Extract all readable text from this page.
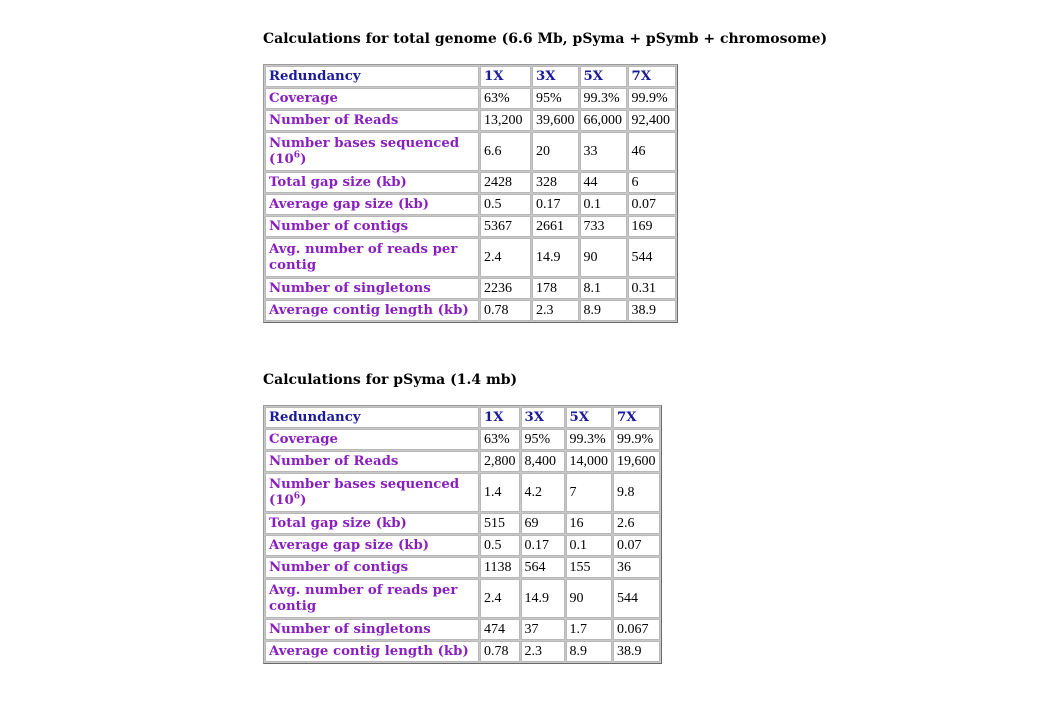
Calculations for total genome (6.6 Mb, pSyma + pSymb + chromosome)
Redundancy	1X	3X	5X	7X
Coverage	63%	95%	99.3%	99.9%
Number of Reads	13,200	39,600	66,000	92,400
Number bases sequenced $(10^6)$	6.6	20	33	46
Total gap size (kb)	2428	328	44	6
Average gap size (kb)	0.5	0.17	0.1	0.07
Number of contigs	5367	2661	733	169
Avg. number of reads per contig	2.4	14.9	90	544
Number of singletons	2236	178	8.1	0.31
Average contig length (kb)	0.78	2.3	8.9	38.9
Calculations for pSyma (1.4 mb)
Redundancy	1X	3X	5X	7X
Coverage	63%	95%	99.3%	99.9%
Number of Reads	2,800	8,400	14,000	19,600
Number bases sequenced $(10^6)$	1.4	4.2	7	9.8
Total gap size (kb)	515	69	16	2.6
Average gap size (kb)	0.5	0.17	0.1	0.07
Number of contigs	1138	564	155	36
Avg. number of reads per contig	2.4	14.9	90	544
Number of singletons	474	37	1.7	0.067
Average contig length (kb)	0.78	2.3	8.9	38.9
